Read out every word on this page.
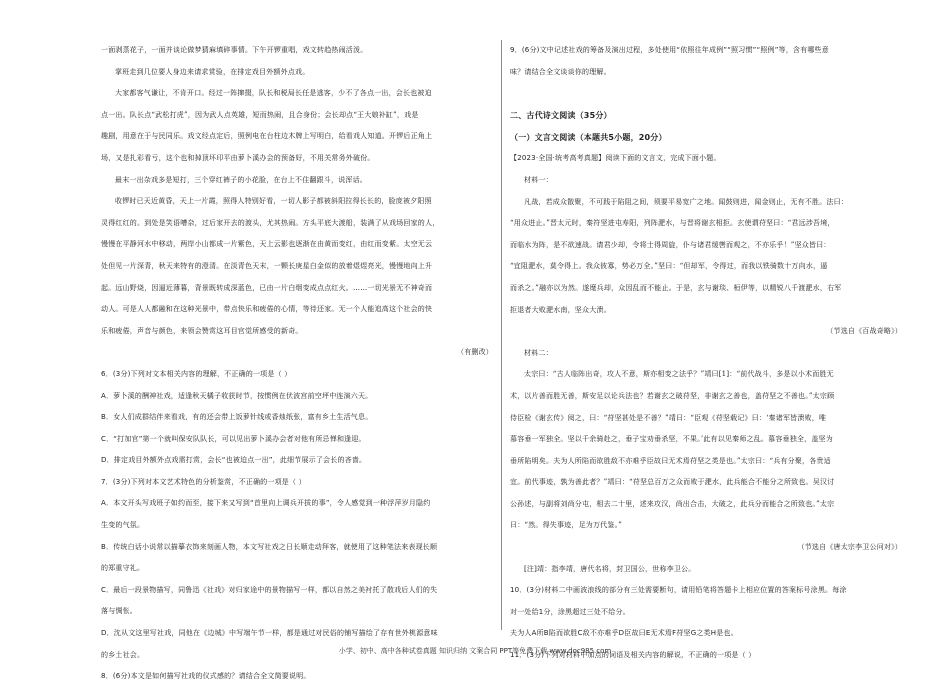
一面剥蒸花子，一面并谈论做梦猜麻填碎事情。下午开锣重唱，戏文转趋热闹活泼。

掌班走到几位要人身边来请求赏验，在排定戏目外额外点戏。

大家都客气谦让，不肯开口。经过一阵撺掇，队长和税局长任是逃客，少不了各点一出，会长也被迫

点一出。队长点“武松打虎”，因为武人点英雄，短而热闹，且合身份；会长却点“王大娘补缸”，戏是

趣剧，用意在于与民同乐。戏文经点定后，照例电在台柱边木牌上写明白，给看戏人知道。开锣后正角上

场，又是扎彩看亏，这个也和掉顶坏印平由萝卜溪办会的预备好，不用关常务外破份。

最末一出杂戏多是短打，三个穿红裤子的小花脸，在台上不住翻跟斗，说浑话。

收锣时已天近黄昏，天上一片霞，照得人特别好看，一切人影子都被斜阳拉得长长的，脸庞被夕阳照

灵得红红的。到处是笑语嘈杂，过后家开去的渡头，尤其热闹。方头平底大渡船，装满了从戏场回家的人，

慢慢在平静河水中移动，两岸小山都成一片紫色，天上云影也逐渐在由黄而变红，由红而变紫。太空无云

处但见一片深青，秋天来特有的澄清。在淡青色天末，一颗长庚星白金似的放着煜煜亮光，慢慢地向上升

起。远山野烧，因逼近薄暮，背景既转成深蓝色，已由一片白烟变成点点红火。……一切光景无不神奇而

动人。可是人人都融和在这种光景中，带点快乐和疲倦的心情，等待还家。无一个人能追高这个社会的快

乐和疲倦，声音与颜色，来领会赞赏这耳目官觉所感受的新奇。

（有删改）

6．(3分)下列对文本相关内容的理解，不正确的一项是（ ）

A．萝卜溪的酬神社戏，适逢秋天橘子收获时节，按惯例在伏波宫前空坪中连演六天。

B．女人们成群结伴来看戏，有的还会带上饭萝针线或香烛纸张，富有乡土生活气息。

C．“打加官”第一个就叫保安队队长，可以见出萝卜溪办会者对他有所忌惮和逢迎。

D．排定戏目外额外点戏需打赏，会长“也被迫点一出”，此细节展示了会长的吝啬。

7．(3分)下列对本文艺术特色的分析鉴赏，不正确的一项是（ ）

A．本文开头写戏班子如约而至，接下来又写到“首里向上调兵开拔的事”，令人感觉到一种浮萍岁月隐约

生变的气氛。

B．传统白话小说常以描摹衣饰来刻画人物，本文写社戏之日长顺走动拜客，就使用了这种笔法来表现长顺

的郑重守礼。

C．最后一段景物描写，同鲁迅《社戏》对归家途中的景物描写一样，都以自然之美衬托了散戏后人们的失

落与惆怅。

D．沈从文这里写社戏，同他在《边城》中写端午节一样，都是通过对民俗的铺写描绘了存有世外桃源意味

的乡土社会。

8．(6分)本文是如何描写社戏的仪式感的？请结合全文简要说明。

9．(6分)文中记述社戏的筹备及演出过程，多处使用“依照往年成例”“照习惯”“照例”等，含有哪些意

味？请结合全文谈谈你的理解。

二、古代诗文阅读（35分）

（一）文言文阅读（本题共5小题，20分）

【2023·全国·统考高考真题】阅读下面的文言文，完成下面小题。

材料一：

凡战，若成众散聚，不可践于陷阻之间，须要平易宽广之地。闻鼓则进，闻金则止，无有不胜。法曰：

“用众进止。”晋太元时，秦符坚进屯寿阳，列阵淝水，与晋将谢玄相拒。玄使谓苻坚曰：“君远涉吾境，

而临水为阵，是不欲速战。请君少却，令将士得周旋，仆与诸君缓辔而观之，不亦乐乎！”坚众皆曰：

“宜阻淝水，莫令得上。我众彼寡，势必万全。”坚曰：“但却军，令得过，而我以铁骑数十万向水，逼

而杀之。”融亦以为然。遂麾兵却，众因乱而不能止。于是，玄与谢琰、桓伊等，以精锐八千渡淝水，右军

拒退者大败淝水南，坚众大溃。

（节选自《百战奇略》）

材料二：

太宗曰：“古人临阵出奇，攻人不意，斯亦相变之法乎？”靖曰[1]：“前代战斗，多是以小术而胜无

术，以片善而胜无善，斯安足以论兵法也？若谢玄之破苻坚，非谢玄之善也，盖苻坚之不善也。”太宗顾

侍臣检《谢玄传》阅之，曰：“苻坚甚处是不善？”靖曰：“臣观《苻坚载记》曰：‘秦诸军皆溃败，唯

慕容垂一军独全。坚以千余骑赴之，垂子宝劝垂杀坚，不果。’此有以见秦师之乱。慕容垂独全，盖坚为

垂所陷明矣。夫为人所陷而欲胜敌不亦难乎臣故曰无术焉苻坚之类是也。”太宗曰：“兵有分聚，各贵适

宜。前代事迹，孰为善此者？”靖曰：“苻坚总百万之众而败于淝水，此兵能合不能分之所致也。吴汉讨

公孙述，与副将刘尚分屯，相去二十里，述来攻汉，尚出合击，大破之，此兵分而能合之所致也。”太宗

曰：“然。得失事迹，足为万代鉴。”

（节选自《唐太宗李卫公问对》）

[注]靖：指李靖，唐代名将，封卫国公，世称李卫公。

10．(3分)材料二中画波浪线的部分有三处需要断句，请用铅笔将答题卡上相应位置的答案标号涂黑。每涂

对一处给1分，涂黑超过三处不给分。

夫为人A所B陷而欲胜C敌不亦难乎D臣故曰E无术焉F苻坚G之类H是也。

11．(3分)下列对材料中加点的词语及相关内容的解说，不正确的一项是（ ）

小学、初中、高中各种试卷真题 知识归纳 文案合同 PPT等免费下载 www.doc985.com
